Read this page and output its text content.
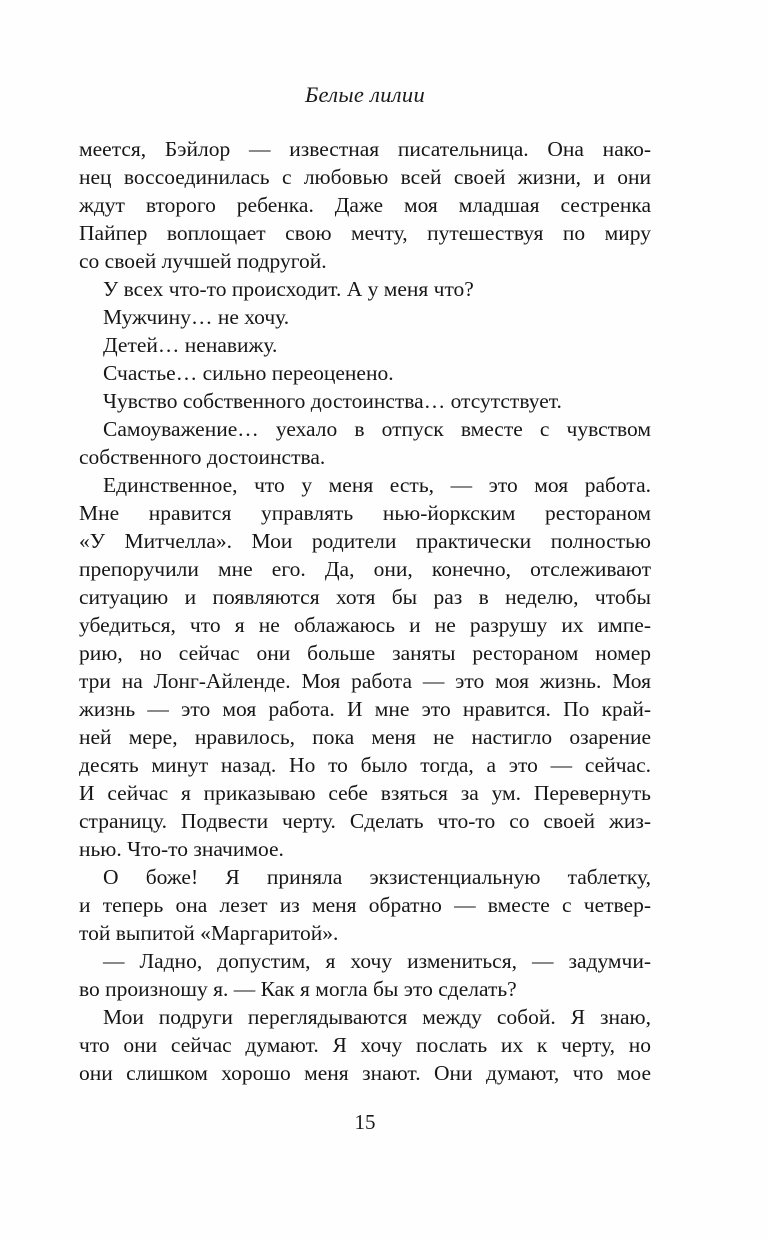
Белые лилии
меется, Бэйлор — известная писательница. Она нако-
нец воссоединилась с любовью всей своей жизни, и они
ждут второго ребенка. Даже моя младшая сестренка
Пайпер воплощает свою мечту, путешествуя по миру
со своей лучшей подругой.
У всех что-то происходит. А у меня что?
Мужчину… не хочу.
Детей… ненавижу.
Счастье… сильно переоценено.
Чувство собственного достоинства… отсутствует.
Самоуважение… уехало в отпуск вместе с чувством
собственного достоинства.
Единственное, что у меня есть, — это моя работа.
Мне нравится управлять нью-йоркским рестораном
«У Митчелла». Мои родители практически полностью
препоручили мне его. Да, они, конечно, отслеживают
ситуацию и появляются хотя бы раз в неделю, чтобы
убедиться, что я не облажаюсь и не разрушу их импе-
рию, но сейчас они больше заняты рестораном номер
три на Лонг-Айленде. Моя работа — это моя жизнь. Моя
жизнь — это моя работа. И мне это нравится. По край-
ней мере, нравилось, пока меня не настигло озарение
десять минут назад. Но то было тогда, а это — сейчас.
И сейчас я приказываю себе взяться за ум. Перевернуть
страницу. Подвести черту. Сделать что-то со своей жиз-
нью. Что-то значимое.
О боже! Я приняла экзистенциальную таблетку,
и теперь она лезет из меня обратно — вместе с четвер-
той выпитой «Маргаритой».
— Ладно, допустим, я хочу измениться, — задумчи-
во произношу я. — Как я могла бы это сделать?
Мои подруги переглядываются между собой. Я знаю,
что они сейчас думают. Я хочу послать их к черту, но
они слишком хорошо меня знают. Они думают, что мое
15
